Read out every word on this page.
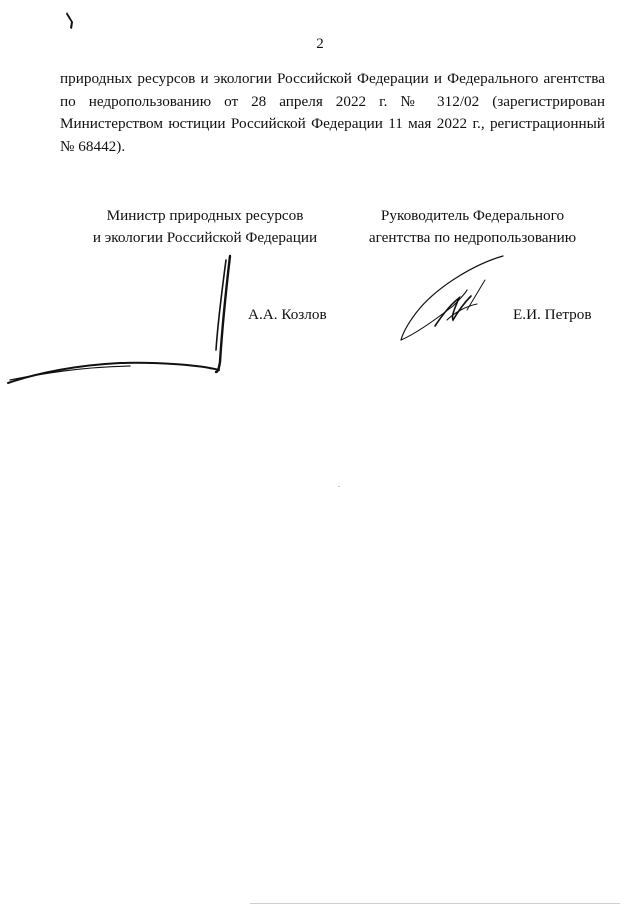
2
природных ресурсов и экологии Российской Федерации и Федерального агентства
по недропользованию от 28 апреля 2022 г. № 312/02 (зарегистрирован
Министерством юстиции Российской Федерации 11 мая 2022 г., регистрационный
№ 68442).
Министр природных ресурсов
и экологии Российской Федерации
Руководитель Федерального
агентства по недропользованию
А.А. Козлов	Е.И. Петров
